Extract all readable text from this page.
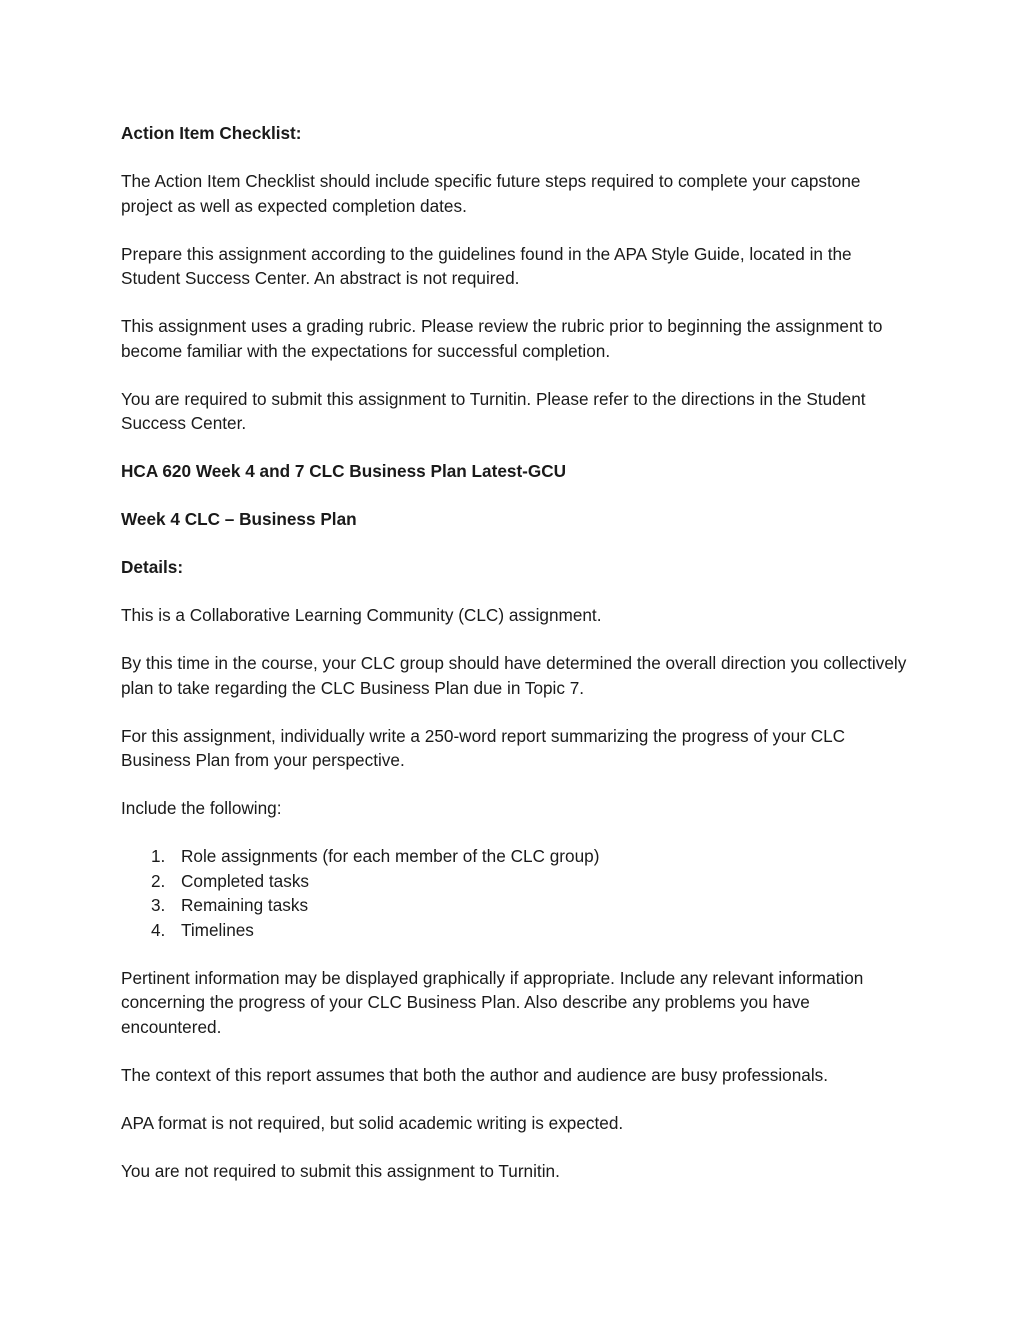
Action Item Checklist:

The Action Item Checklist should include specific future steps required to complete your capstone project as well as expected completion dates.

Prepare this assignment according to the guidelines found in the APA Style Guide, located in the Student Success Center. An abstract is not required.

This assignment uses a grading rubric. Please review the rubric prior to beginning the assignment to become familiar with the expectations for successful completion.

You are required to submit this assignment to Turnitin. Please refer to the directions in the Student Success Center.

HCA 620 Week 4 and 7 CLC Business Plan Latest-GCU

Week 4 CLC – Business Plan

Details:

This is a Collaborative Learning Community (CLC) assignment.

By this time in the course, your CLC group should have determined the overall direction you collectively plan to take regarding the CLC Business Plan due in Topic 7.

For this assignment, individually write a 250-word report summarizing the progress of your CLC Business Plan from your perspective.

Include the following:

1. Role assignments (for each member of the CLC group)
2. Completed tasks
3. Remaining tasks
4. Timelines

Pertinent information may be displayed graphically if appropriate. Include any relevant information concerning the progress of your CLC Business Plan. Also describe any problems you have encountered.

The context of this report assumes that both the author and audience are busy professionals.

APA format is not required, but solid academic writing is expected.

You are not required to submit this assignment to Turnitin.
